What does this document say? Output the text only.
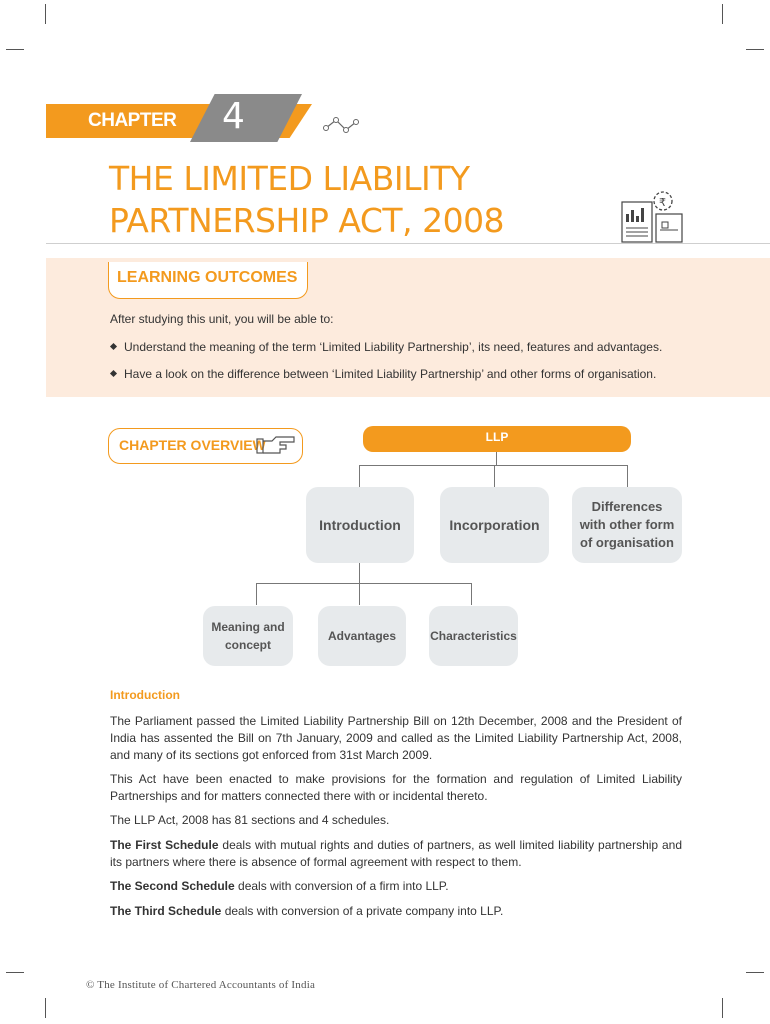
CHAPTER 4
THE LIMITED LIABILITY
PARTNERSHIP ACT, 2008	₹
LEARNING OUTCOMES
After studying this unit, you will be able to:
Understand the meaning of the term ‘Limited Liability Partnership’, its need, features and advantages.
Have a look on the difference between ‘Limited Liability Partnership’ and other forms of organisation.
CHAPTER OVERVIEW	LLP
Introduction	Incorporation
Differences with other form of organisation
Meaning and concept
Advantages	Characteristics
Introduction
The Parliament passed the Limited Liability Partnership Bill on 12th December, 2008 and the President of India has assented the Bill on 7th January, 2009 and called as the Limited Liability Partnership Act, 2008, and many of its sections got enforced from 31st March 2009.
This Act have been enacted to make provisions for the formation and regulation of Limited Liability Partnerships and for matters connected there with or incidental thereto.
The LLP Act, 2008 has 81 sections and 4 schedules.
The First Schedule deals with mutual rights and duties of partners, as well limited liability partnership and its partners where there is absence of formal agreement with respect to them.
The Second Schedule deals with conversion of a firm into LLP.
The Third Schedule deals with conversion of a private company into LLP.
© The Institute of Chartered Accountants of India
